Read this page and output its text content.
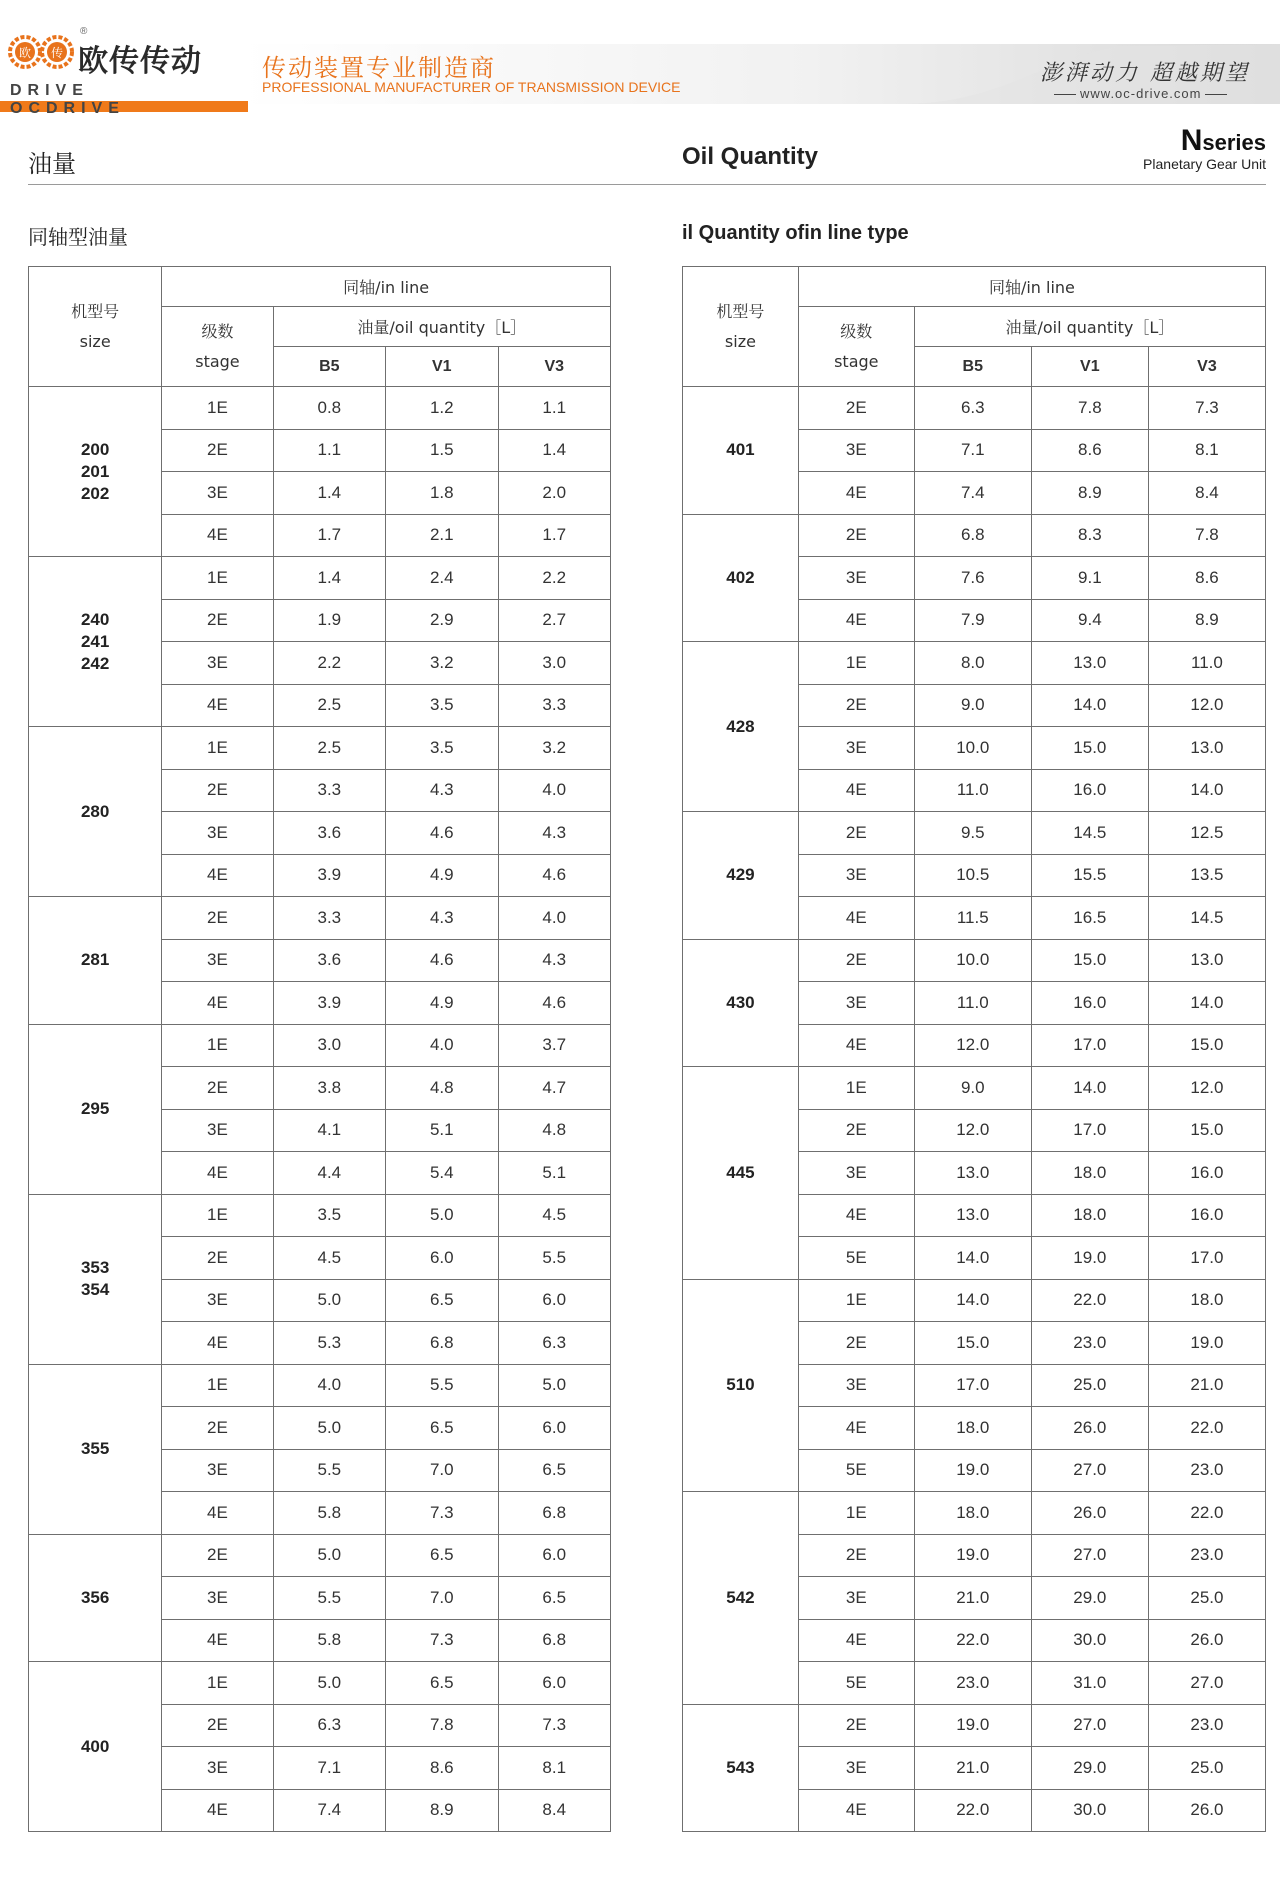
欧 传
®
欧传传动
DRIVE OCDRIVE
传动装置专业制造商
PROFESSIONAL MANUFACTURER OF TRANSMISSION DEVICE
澎湃动力 超越期望
www.oc-drive.com
油量	Oil Quantity	Nseries
Planetary Gear Unit
同轴型油量	il Quantity ofin line type
机型号
size	同轴/in line			

	级数
stage	油量/oil quantity［L］		
		B5	V1	V3

200
201
202	1E	0.8	1.2	1.1
	2E	1.1	1.5	1.4
	3E	1.4	1.8	2.0
	4E	1.7	2.1	1.7

240
241
242	1E	1.4	2.4	2.2
	2E	1.9	2.9	2.7
	3E	2.2	3.2	3.0
	4E	2.5	3.5	3.3

280	1E	2.5	3.5	3.2
	2E	3.3	4.3	4.0
	3E	3.6	4.6	4.3
	4E	3.9	4.9	4.6

281	2E	3.3	4.3	4.0
	3E	3.6	4.6	4.3
	4E	3.9	4.9	4.6

295	1E	3.0	4.0	3.7
	2E	3.8	4.8	4.7
	3E	4.1	5.1	4.8
	4E	4.4	5.4	5.1

353
354	1E	3.5	5.0	4.5
	2E	4.5	6.0	5.5
	3E	5.0	6.5	6.0
	4E	5.3	6.8	6.3

355	1E	4.0	5.5	5.0
	2E	5.0	6.5	6.0
	3E	5.5	7.0	6.5
	4E	5.8	7.3	6.8

356	2E	5.0	6.5	6.0
	3E	5.5	7.0	6.5
	4E	5.8	7.3	6.8

400	1E	5.0	6.5	6.0
	2E	6.3	7.8	7.3
	3E	7.1	8.6	8.1
	4E	7.4	8.9	8.4
机型号
size	同轴/in line			

	级数
stage	油量/oil quantity［L］		
		B5	V1	V3

401	2E	6.3	7.8	7.3
	3E	7.1	8.6	8.1
	4E	7.4	8.9	8.4

402	2E	6.8	8.3	7.8
	3E	7.6	9.1	8.6
	4E	7.9	9.4	8.9

428	1E	8.0	13.0	11.0
	2E	9.0	14.0	12.0
	3E	10.0	15.0	13.0
	4E	11.0	16.0	14.0

429	2E	9.5	14.5	12.5
	3E	10.5	15.5	13.5
	4E	11.5	16.5	14.5

430	2E	10.0	15.0	13.0
	3E	11.0	16.0	14.0
	4E	12.0	17.0	15.0

445	1E	9.0	14.0	12.0
	2E	12.0	17.0	15.0
	3E	13.0	18.0	16.0
	4E	13.0	18.0	16.0
	5E	14.0	19.0	17.0

510	1E	14.0	22.0	18.0
	2E	15.0	23.0	19.0
	3E	17.0	25.0	21.0
	4E	18.0	26.0	22.0
	5E	19.0	27.0	23.0

542	1E	18.0	26.0	22.0
	2E	19.0	27.0	23.0
	3E	21.0	29.0	25.0
	4E	22.0	30.0	26.0
	5E	23.0	31.0	27.0

543	2E	19.0	27.0	23.0
	3E	21.0	29.0	25.0
	4E	22.0	30.0	26.0
